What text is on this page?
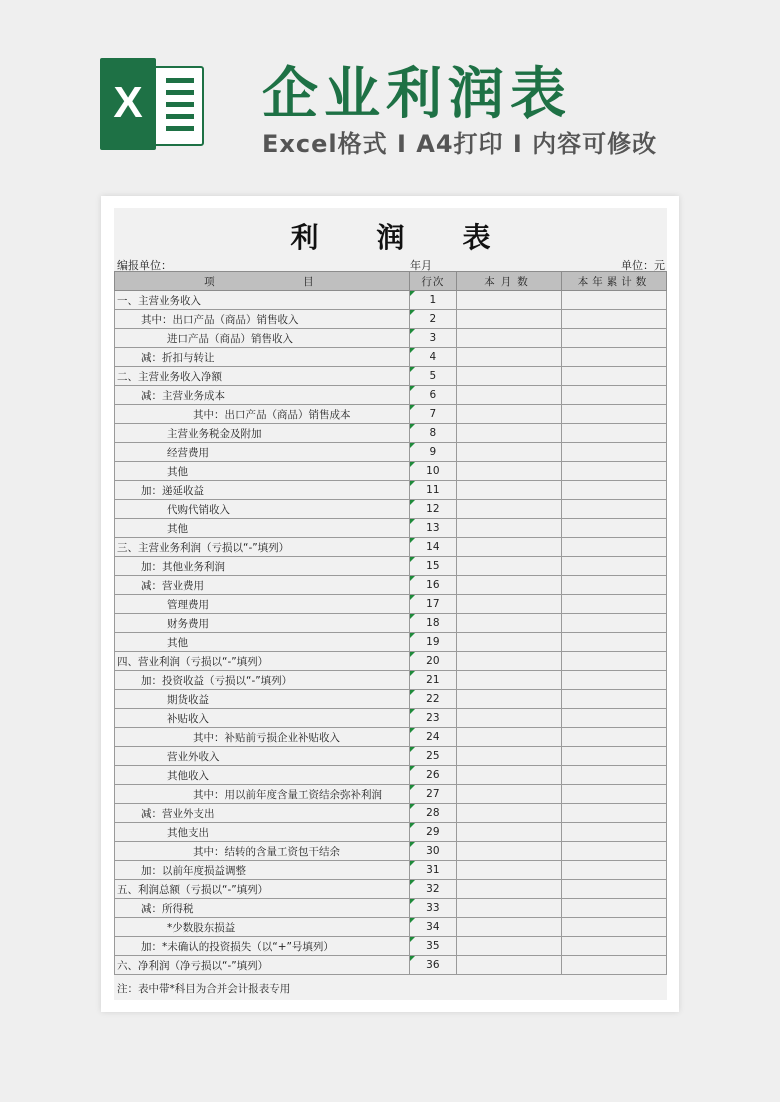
X 企业利润表
Excel格式 I A4打印 I 内容可修改
利润表
编报单位：	年月	单位：元
项　　　　　目	行次	本月数	本年累计数
一、主营业务收入	1		
其中：出口产品（商品）销售收入	2		
进口产品（商品）销售收入	3		
减：折扣与转让	4		
二、主营业务收入净额	5		
减：主营业务成本	6		
其中：出口产品（商品）销售成本	7		
主营业务税金及附加	8		
经营费用	9		
其他	10		
加：递延收益	11		
代购代销收入	12		
其他	13		
三、主营业务利润（亏损以“-”填列）	14		
加：其他业务利润	15		
减：营业费用	16		
管理费用	17		
财务费用	18		
其他	19		
四、营业利润（亏损以“-”填列）	20		
加：投资收益（亏损以“-”填列）	21		
期货收益	22		
补贴收入	23		
其中：补贴前亏损企业补贴收入	24		
营业外收入	25		
其他收入	26		
其中：用以前年度含量工资结余弥补利润	27		
减：营业外支出	28		
其他支出	29		
其中：结转的含量工资包干结余	30		
加：以前年度损益调整	31		
五、利润总额（亏损以“-”填列）	32		
减：所得税	33		
*少数股东损益	34		
加：*未确认的投资损失（以“+”号填列）	35		
六、净利润（净亏损以“-”填列）	36		
注：表中带*科目为合并会计报表专用
